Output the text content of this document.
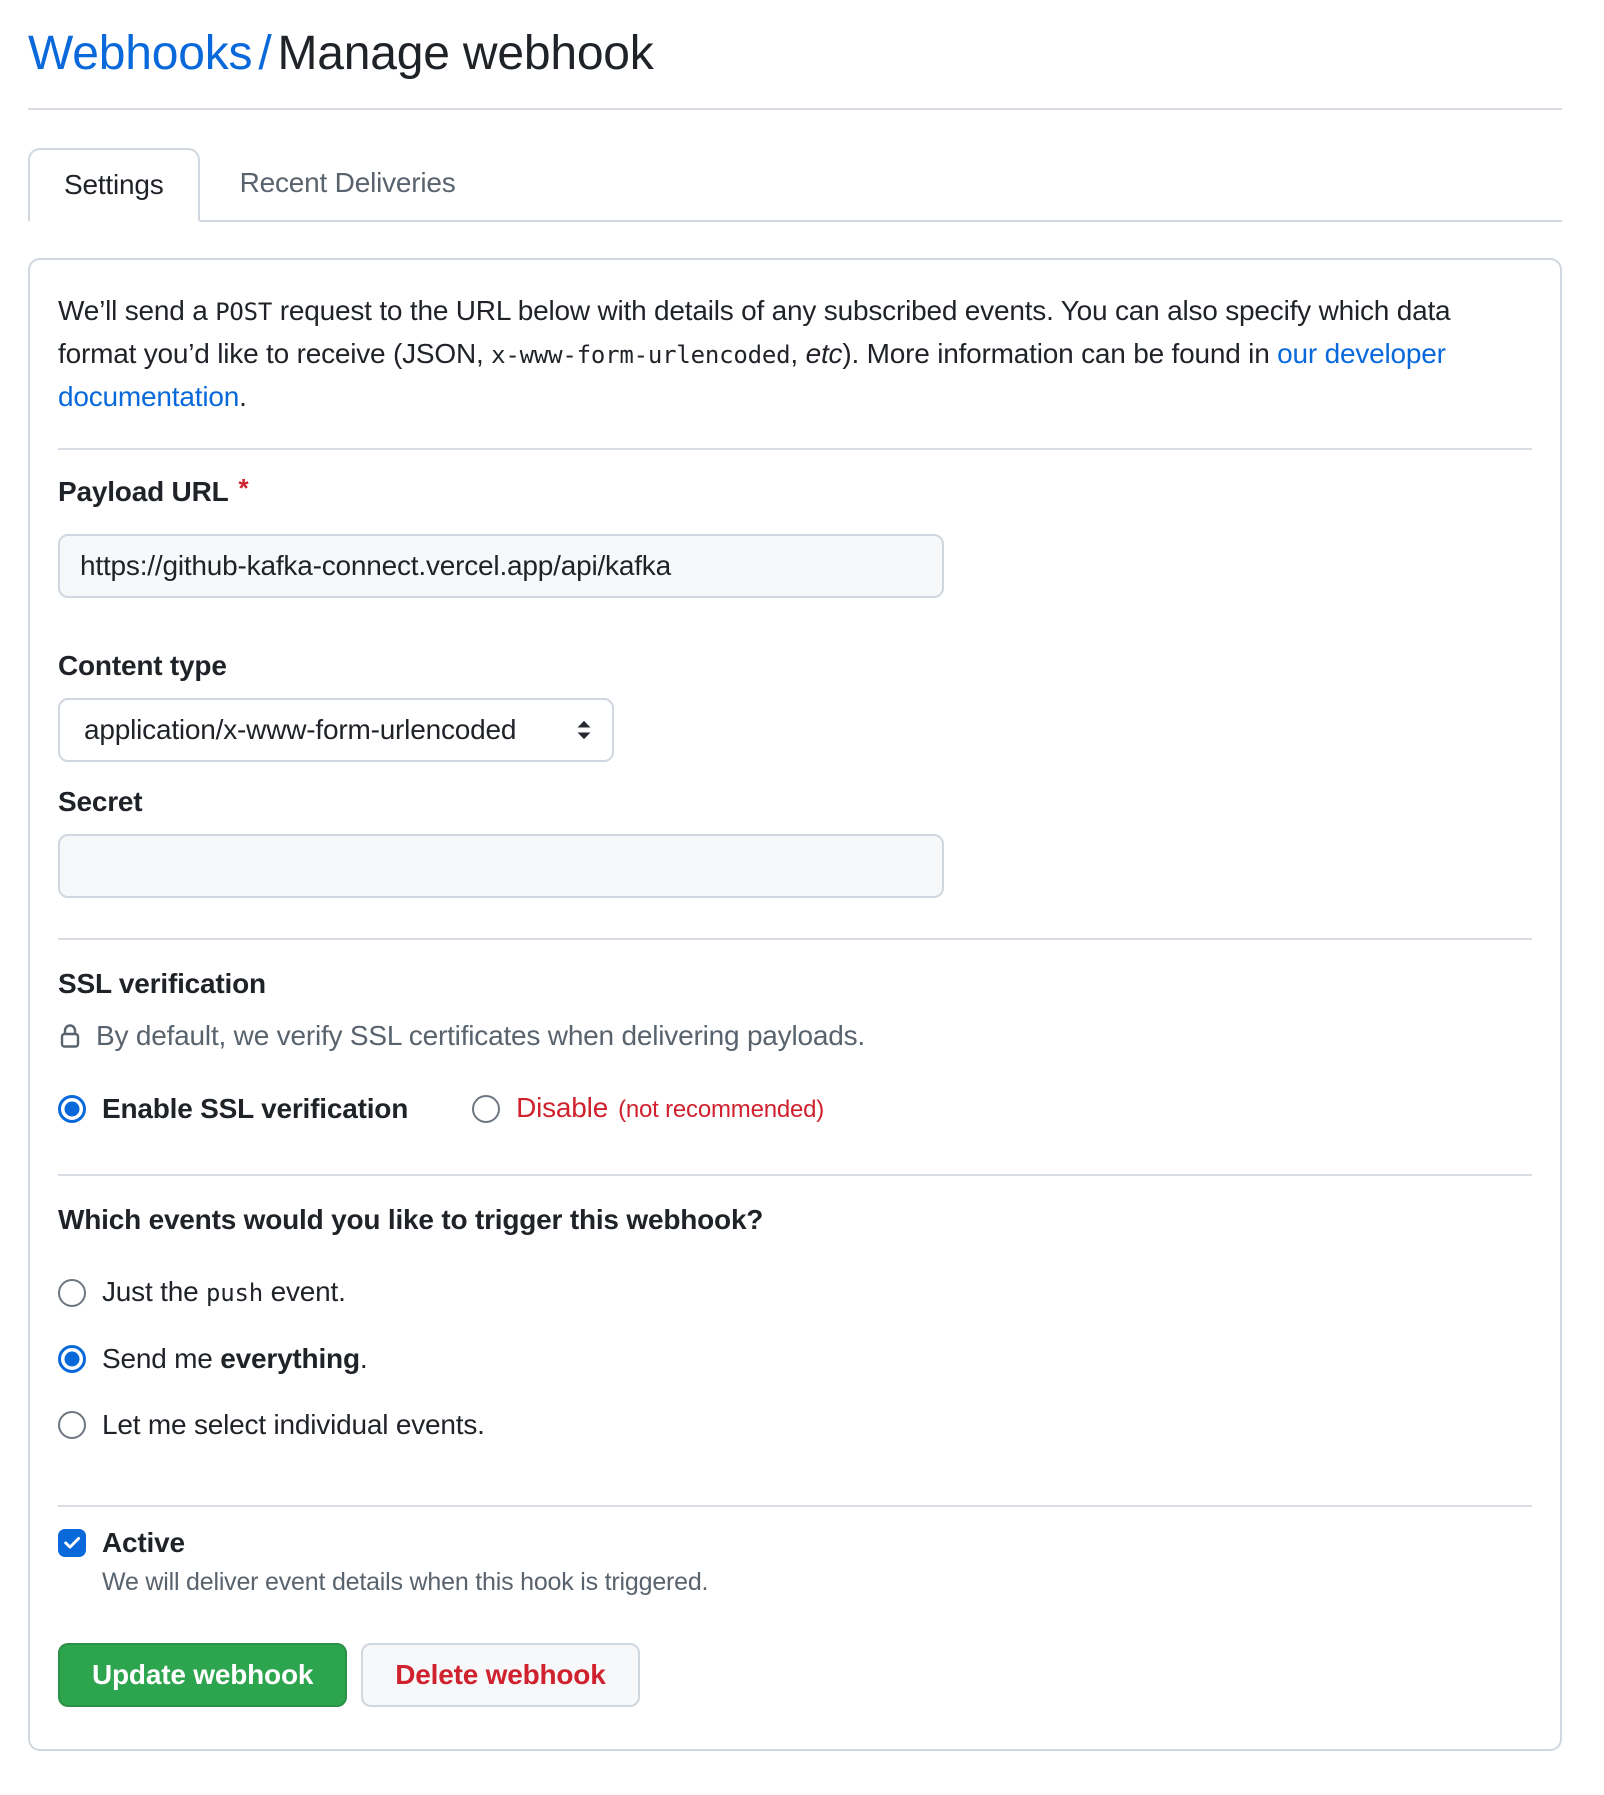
Webhooks / Manage webhook
Settings	Recent Deliveries

We’ll send a POST request to the URL below with details of any subscribed events. You can also specify which data format you’d like to receive (JSON, x-www-form-urlencoded, etc). More information can be found in our developer documentation.

Payload URL *
https://github-kafka-connect.vercel.app/api/kafka
Content type
application/x-www-form-urlencoded
Secret
SSL verification
By default, we verify SSL certificates when delivering payloads.
Enable SSL verification	Disable (not recommended)
Which events would you like to trigger this webhook?
Just the push event.
Send me everything.
Let me select individual events.
Active
We will deliver event details when this hook is triggered.
Update webhook	Delete webhook
